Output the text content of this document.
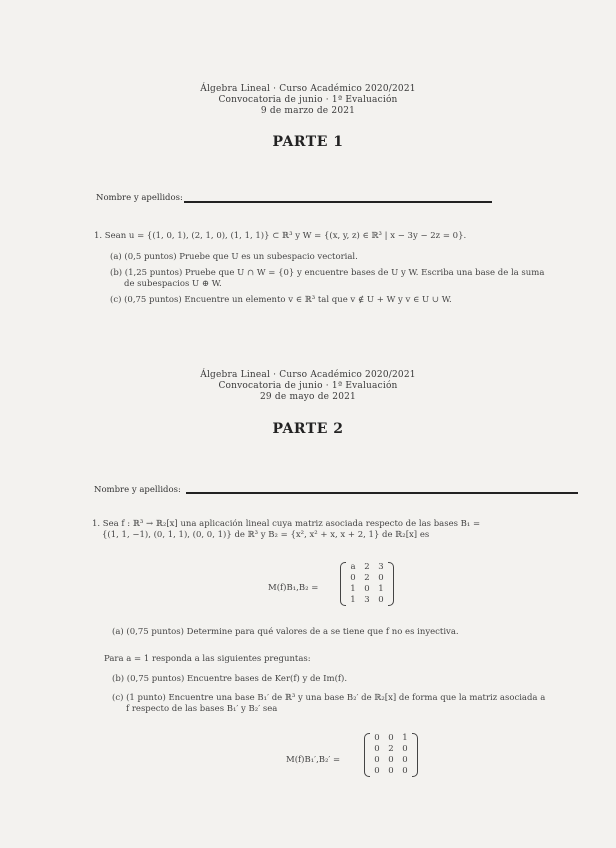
Álgebra Lineal · Curso Académico 2020/2021
Convocatoria de junio · 1ª Evaluación
9 de marzo de 2021
PARTE 1
Nombre y apellidos:
1. Sean u = {(1, 0, 1), (2, 1, 0), (1, 1, 1)} ⊂ ℝ³ y W = {(x, y, z) ∈ ℝ³ | x − 3y − 2z = 0}.
(a) (0,5 puntos) Pruebe que U es un subespacio vectorial.
(b) (1,25 puntos) Pruebe que U ∩ W = {0} y encuentre bases de U y W. Escriba una base de la suma
de subespacios U ⊕ W.
(c) (0,75 puntos) Encuentre un elemento v ∈ ℝ³ tal que v ∉ U + W y v ∈ U ∪ W.
Álgebra Lineal · Curso Académico 2020/2021
Convocatoria de junio · 1ª Evaluación
29 de mayo de 2021
PARTE 2
Nombre y apellidos:
1. Sea f : ℝ³ → ℝ₂[x] una aplicación lineal cuya matriz asociada respecto de las bases B₁ =
{(1, 1, −1), (0, 1, 1), (0, 0, 1)} de ℝ³ y B₂ = {x², x² + x, x + 2, 1} de ℝ₂[x] es
M(f)B₁,B₂ =
a	2	3
0	2	0
1	0	1
1	3	0
(a) (0,75 puntos) Determine para qué valores de a se tiene que f no es inyectiva.
Para a = 1 responda a las siguientes preguntas:
(b) (0,75 puntos) Encuentre bases de Ker(f) y de Im(f).
(c) (1 punto) Encuentre una base B₁′ de ℝ³ y una base B₂′ de ℝ₂[x] de forma que la matriz asociada a
f respecto de las bases B₁′ y B₂′ sea
M(f)B₁′,B₂′ =
0	0	1
0	2	0
0	0	0
0	0	0
